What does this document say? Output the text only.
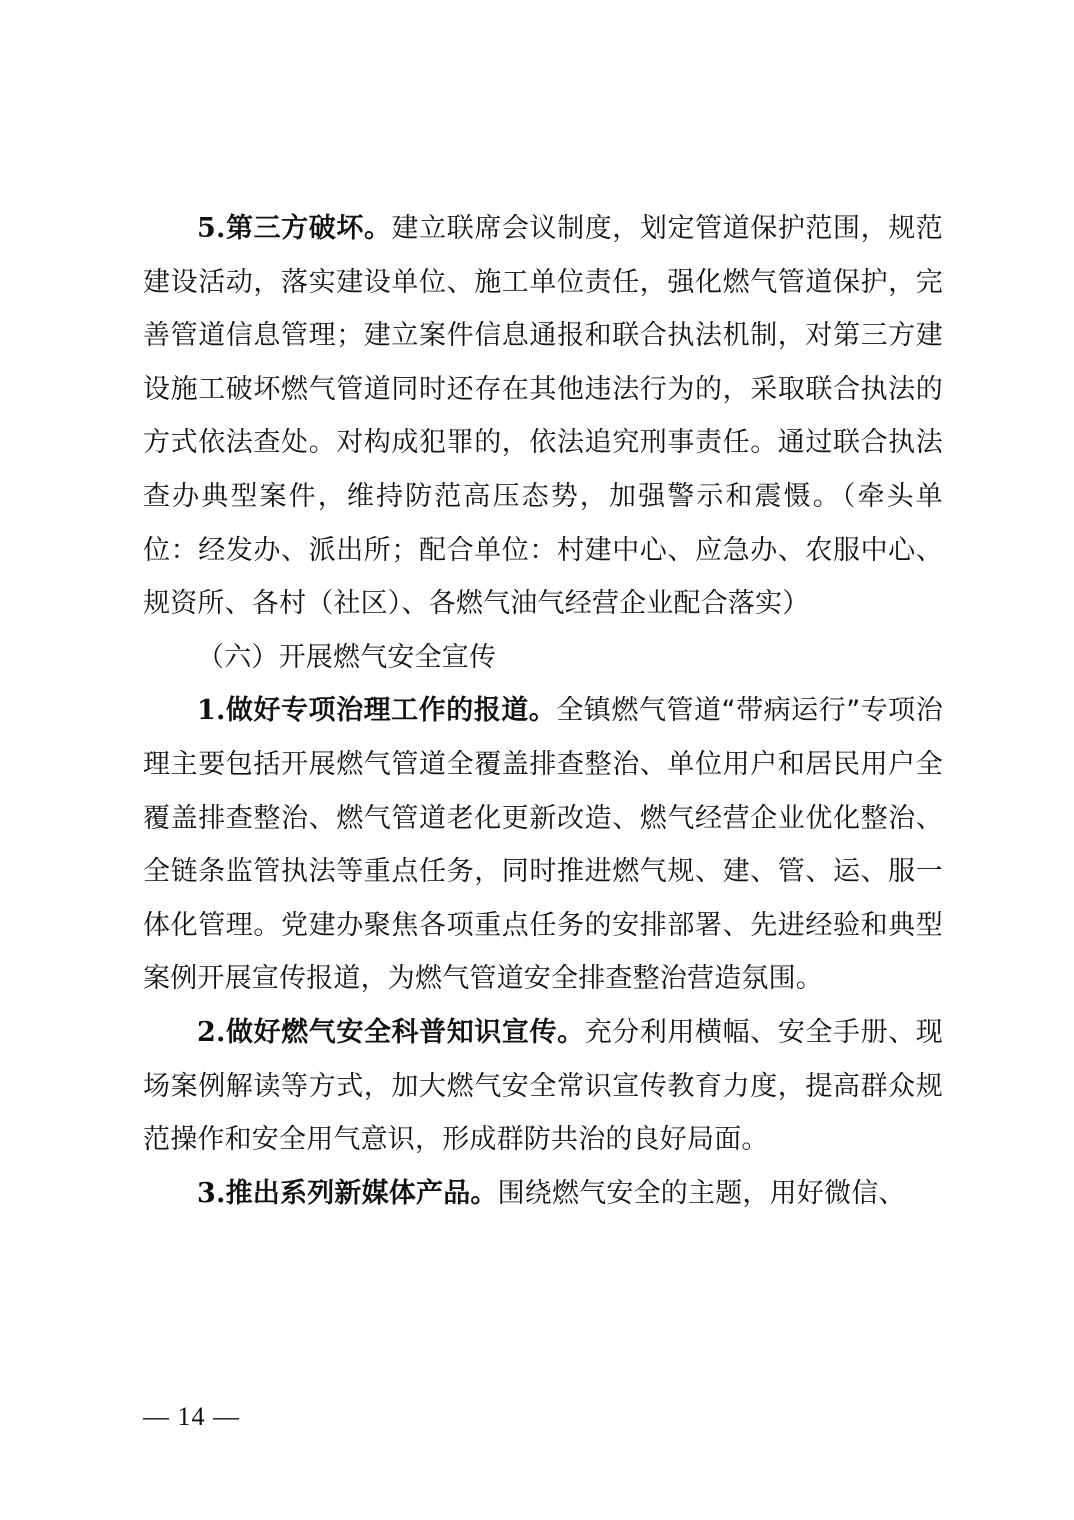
5.第三方破坏。建立联席会议制度，划定管道保护范围，规范建设活动，落实建设单位、施工单位责任，强化燃气管道保护，完善管道信息管理；建立案件信息通报和联合执法机制，对第三方建设施工破坏燃气管道同时还存在其他违法行为的，采取联合执法的方式依法查处。对构成犯罪的，依法追究刑事责任。通过联合执法查办典型案件，维持防范高压态势，加强警示和震慑。（牵头单位：经发办、派出所；配合单位：村建中心、应急办、农服中心、规资所、各村（社区）、各燃气油气经营企业配合落实）

（六）开展燃气安全宣传

1.做好专项治理工作的报道。全镇燃气管道“带病运行”专项治理主要包括开展燃气管道全覆盖排查整治、单位用户和居民用户全覆盖排查整治、燃气管道老化更新改造、燃气经营企业优化整治、全链条监管执法等重点任务，同时推进燃气规、建、管、运、服一体化管理。党建办聚焦各项重点任务的安排部署、先进经验和典型案例开展宣传报道，为燃气管道安全排查整治营造氛围。

2.做好燃气安全科普知识宣传。充分利用横幅、安全手册、现场案例解读等方式，加大燃气安全常识宣传教育力度，提高群众规范操作和安全用气意识，形成群防共治的良好局面。

3.推出系列新媒体产品。围绕燃气安全的主题，用好微信、

— 14 —
